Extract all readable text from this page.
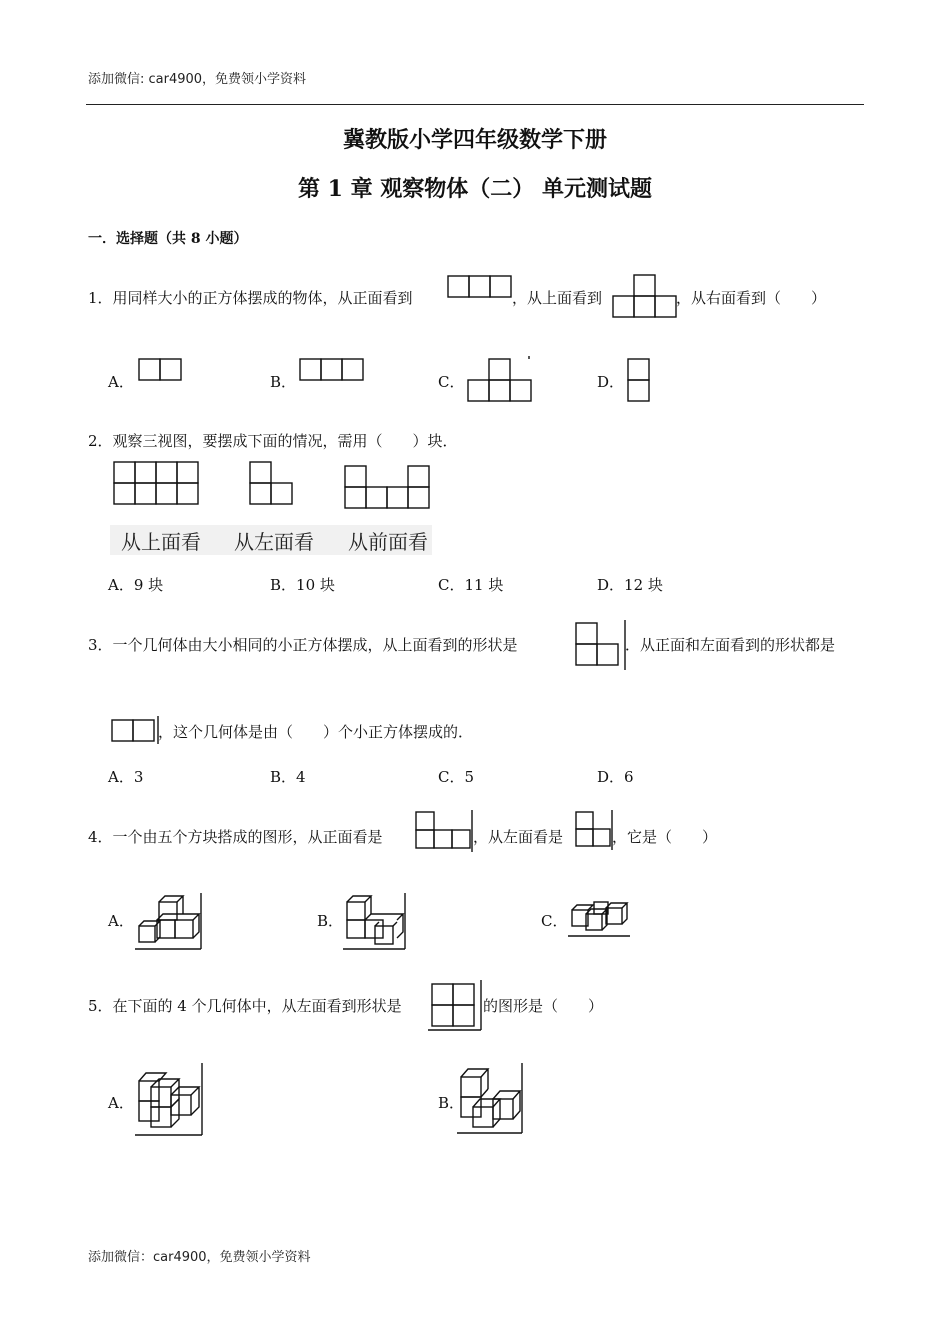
添加微信: car4900，免费领小学资料
冀教版小学四年级数学下册
第 1 章 观察物体（二） 单元测试题
一．选择题（共 8 小题）
1．用同样大小的正方体摆成的物体，从正面看到	，从上面看到	，从右面看到（　　）
A．	B．	C．	D．
2．观察三视图，要摆成下面的情况，需用（　　）块．
从上面看 从左面看 从前面看
A．9 块	B．10 块	C．11 块	D．12 块
3．一个几何体由大小相同的小正方体摆成，从上面看到的形状是	．从正面和左面看到的形状都是
，这个几何体是由（　　）个小正方体摆成的．
A．3	B．4	C．5	D．6
4．一个由五个方块搭成的图形，从正面看是	，从左面看是	，它是（　　）
A．	B．	C．
5．在下面的 4 个几何体中，从左面看到形状是	的图形是（　　）
A．	B．
添加微信：car4900，免费领小学资料
